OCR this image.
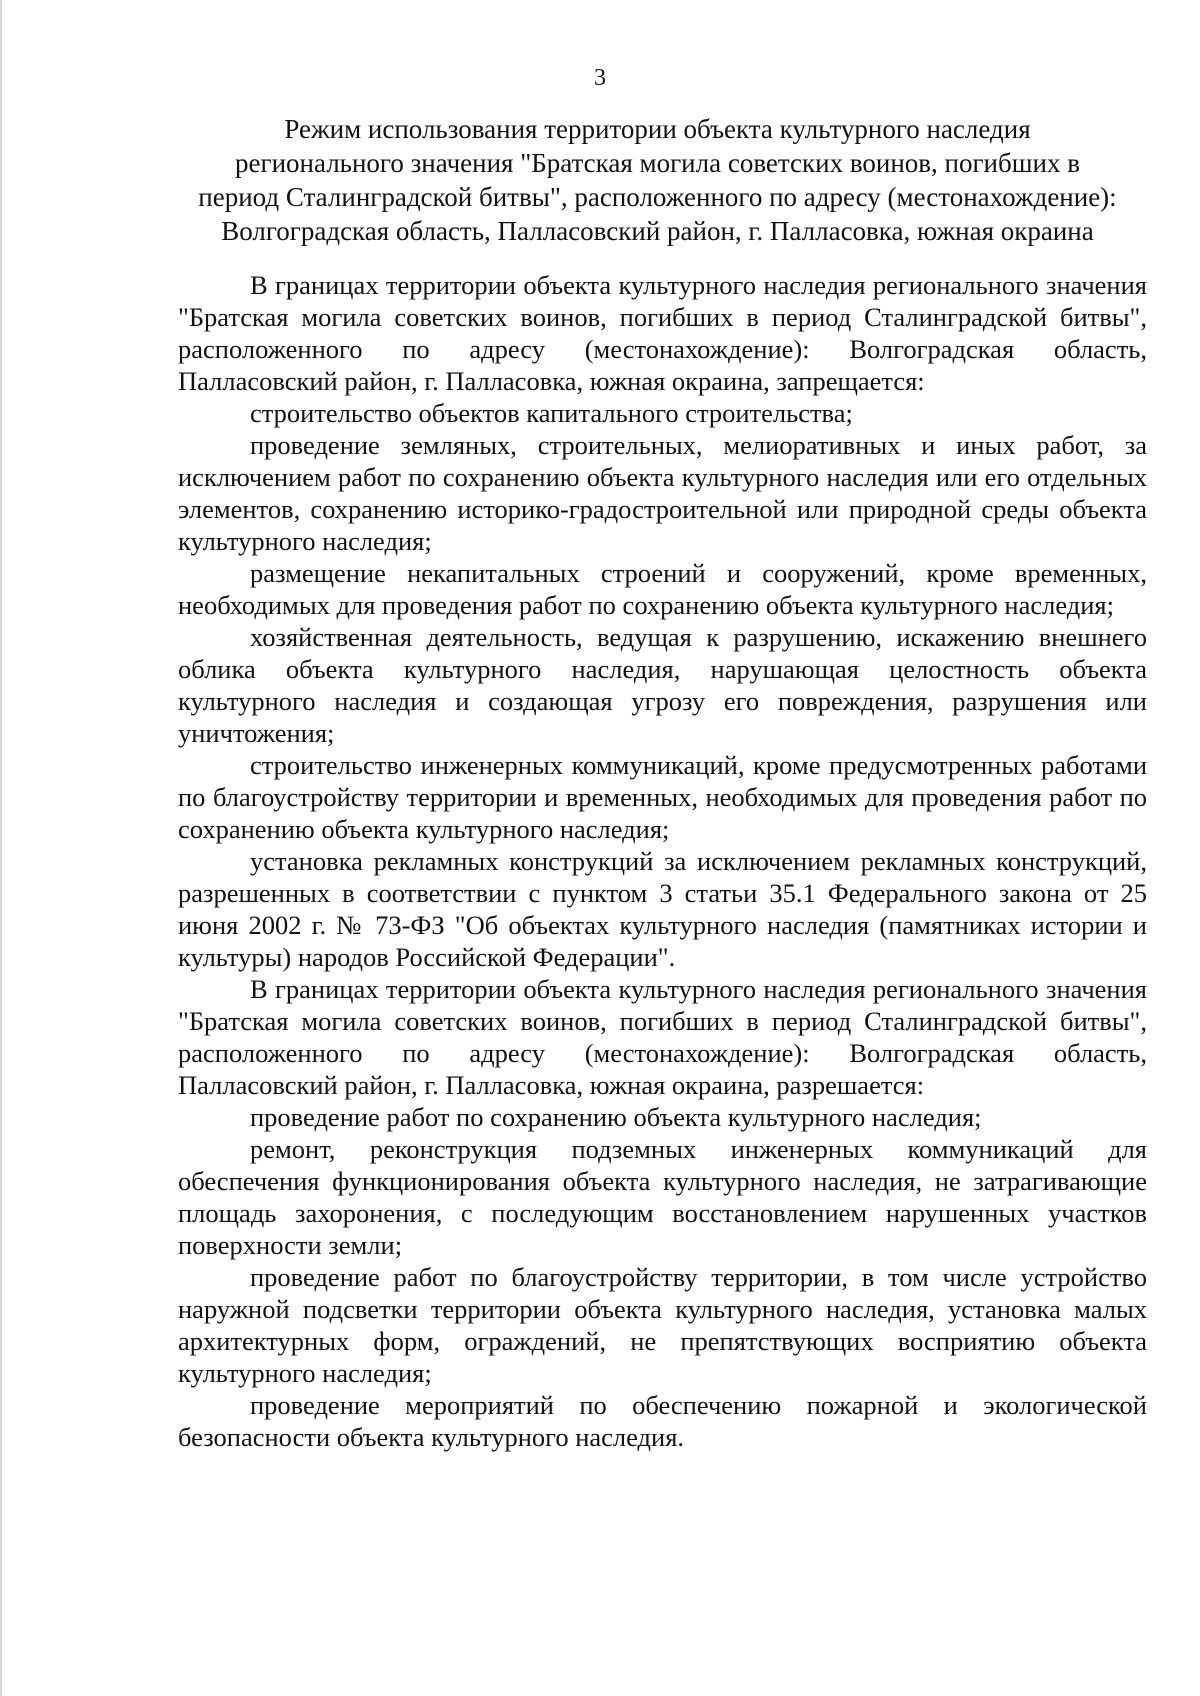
3
Режим использования территории объекта культурного наследия
регионального значения "Братская могила советских воинов, погибших в
период Сталинградской битвы", расположенного по адресу (местонахождение):
Волгоградская область, Палласовский район, г. Палласовка, южная окраина

В границах территории объекта культурного наследия регионального значения "Братская могила советских воинов, погибших в период Сталинградской битвы", расположенного по адресу (местонахождение): Волгоградская область, Палласовский район, г. Палласовка, южная окраина, запрещается:

строительство объектов капитального строительства;

проведение земляных, строительных, мелиоративных и иных работ, за исключением работ по сохранению объекта культурного наследия или его отдельных элементов, сохранению историко-градостроительной или природной среды объекта культурного наследия;

размещение некапитальных строений и сооружений, кроме временных, необходимых для проведения работ по сохранению объекта культурного наследия;

хозяйственная деятельность, ведущая к разрушению, искажению внешнего облика объекта культурного наследия, нарушающая целостность объекта культурного наследия и создающая угрозу его повреждения, разрушения или уничтожения;

строительство инженерных коммуникаций, кроме предусмотренных работами по благоустройству территории и временных, необходимых для проведения работ по сохранению объекта культурного наследия;

установка рекламных конструкций за исключением рекламных конструкций, разрешенных в соответствии с пунктом 3 статьи 35.1 Федерального закона от 25 июня 2002 г. № 73-ФЗ "Об объектах культурного наследия (памятниках истории и культуры) народов Российской Федерации".

В границах территории объекта культурного наследия регионального значения "Братская могила советских воинов, погибших в период Сталинградской битвы", расположенного по адресу (местонахождение): Волгоградская область, Палласовский район, г. Палласовка, южная окраина, разрешается:

проведение работ по сохранению объекта культурного наследия;

ремонт, реконструкция подземных инженерных коммуникаций для обеспечения функционирования объекта культурного наследия, не затрагивающие площадь захоронения, с последующим восстановлением нарушенных участков поверхности земли;

проведение работ по благоустройству территории, в том числе устройство наружной подсветки территории объекта культурного наследия, установка малых архитектурных форм, ограждений, не препятствующих восприятию объекта культурного наследия;

проведение мероприятий по обеспечению пожарной и экологической безопасности объекта культурного наследия.
